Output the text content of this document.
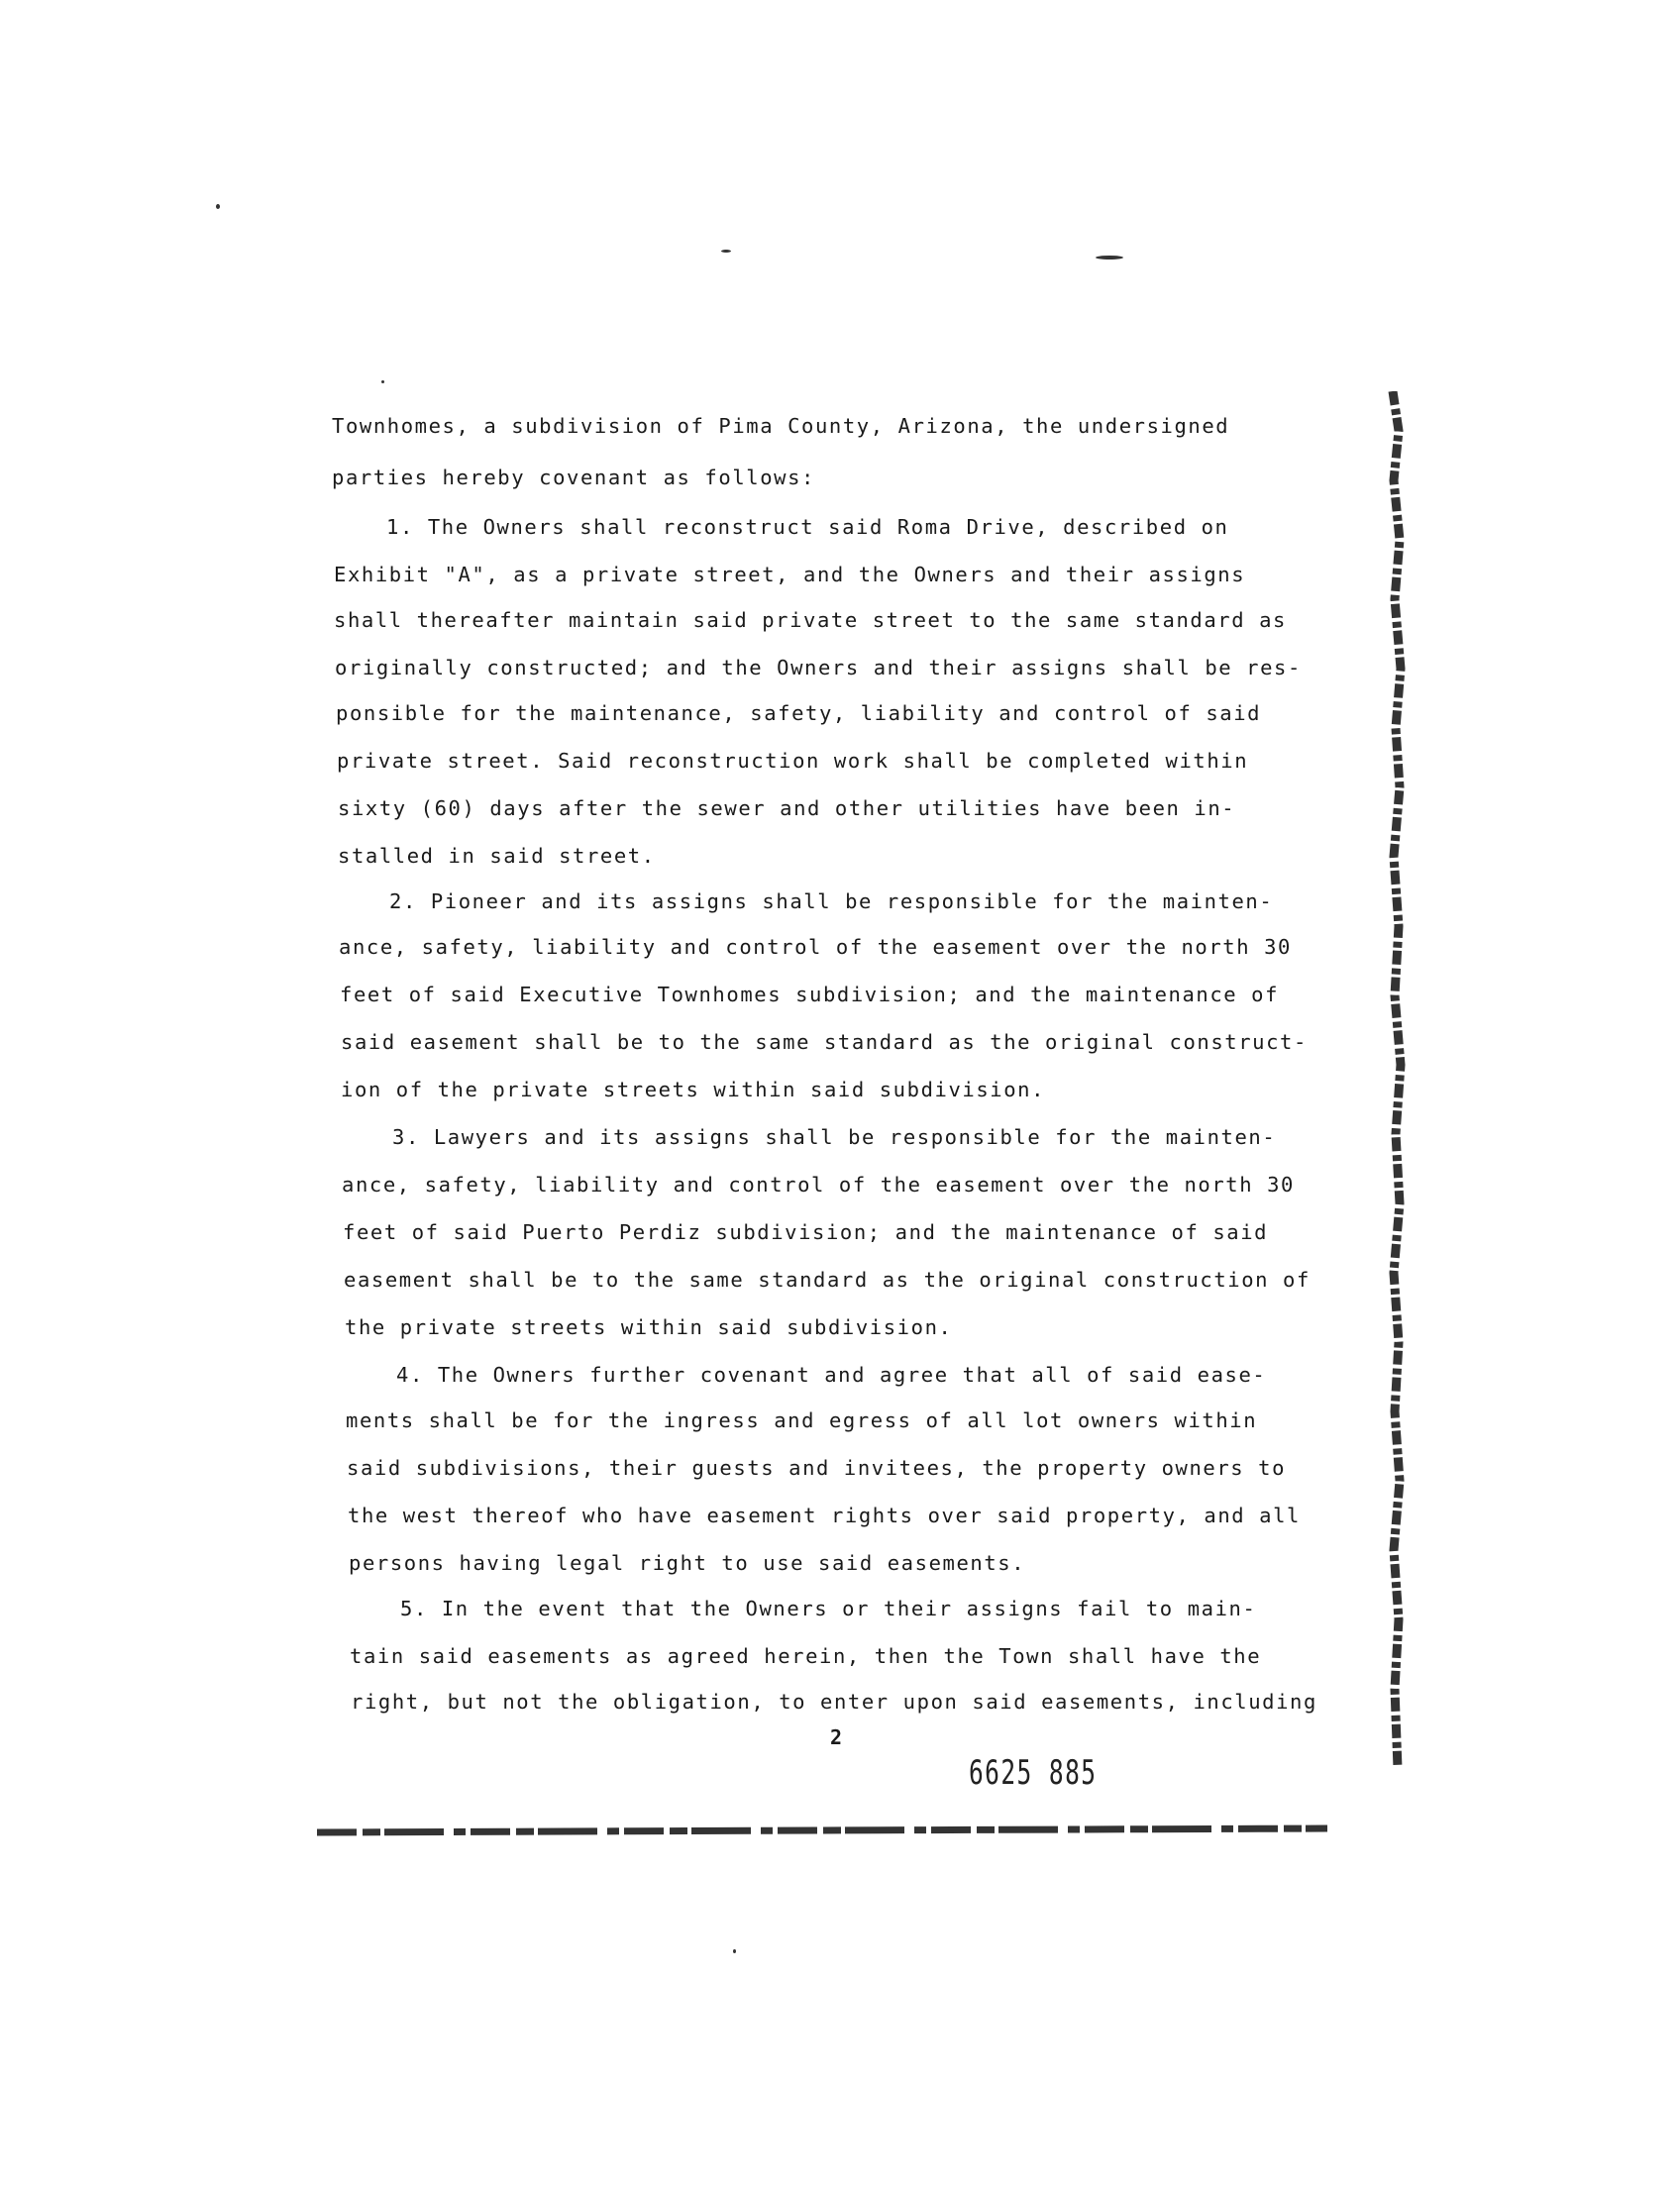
Townhomes, a subdivision of Pima County, Arizona, the undersigned
parties hereby covenant as follows:
1. The Owners shall reconstruct said Roma Drive, described on
Exhibit "A", as a private street, and the Owners and their assigns
shall thereafter maintain said private street to the same standard as
originally constructed; and the Owners and their assigns shall be res-
ponsible for the maintenance, safety, liability and control of said
private street. Said reconstruction work shall be completed within
sixty (60) days after the sewer and other utilities have been in-
stalled in said street.
2. Pioneer and its assigns shall be responsible for the mainten-
ance, safety, liability and control of the easement over the north 30
feet of said Executive Townhomes subdivision; and the maintenance of
said easement shall be to the same standard as the original construct-
ion of the private streets within said subdivision.
3. Lawyers and its assigns shall be responsible for the mainten-
ance, safety, liability and control of the easement over the north 30
feet of said Puerto Perdiz subdivision; and the maintenance of said
easement shall be to the same standard as the original construction of
the private streets within said subdivision.
4. The Owners further covenant and agree that all of said ease-
ments shall be for the ingress and egress of all lot owners within
said subdivisions, their guests and invitees, the property owners to
the west thereof who have easement rights over said property, and all
persons having legal right to use said easements.
5. In the event that the Owners or their assigns fail to main-
tain said easements as agreed herein, then the Town shall have the
right, but not the obligation, to enter upon said easements, including
2
6625 885
